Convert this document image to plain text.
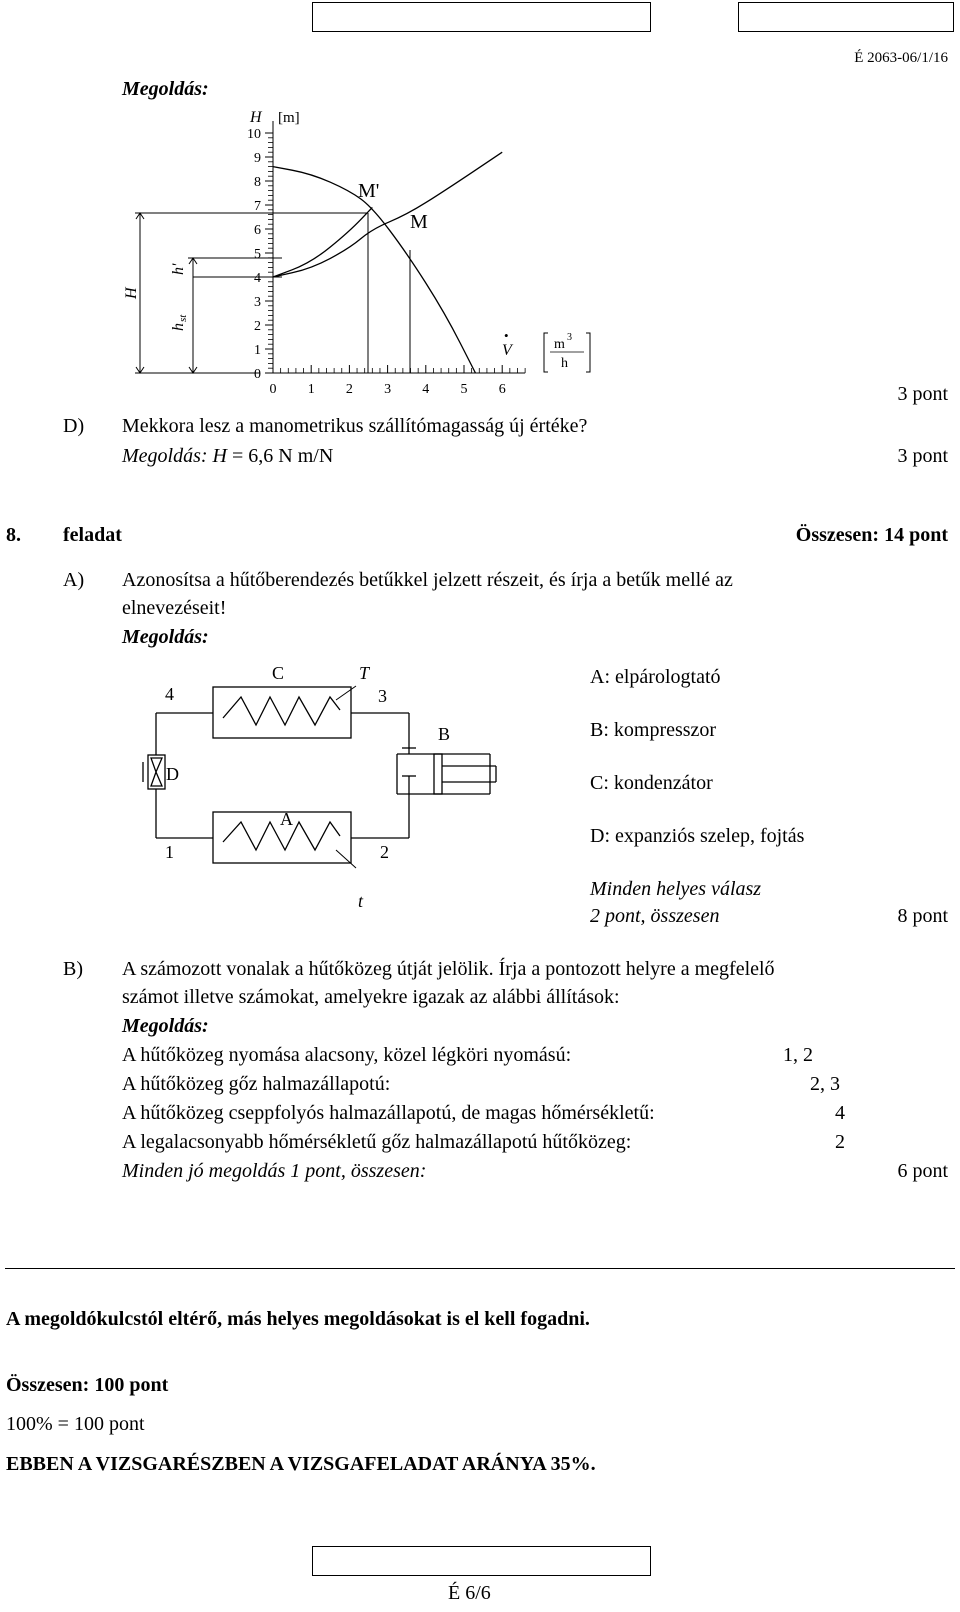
É 2063-06/1/16
Megoldás:
0
1
2
3
4
5
6
7
8
9
10
0 1 2 3 4 5 6
H [m]
M'
M
•
V	m 3
h
H
h'
h
st
3 pont
D) Mekkora lesz a manometrikus szállítómagasság új értéke?
Megoldás: H = 6,6 N m/N	3 pont
8. feladat	Összesen: 14 pont
A) Azonosítsa a hűtőberendezés betűkkel jelzett részeit, és írja a betűk mellé az
elnevezéseit!
Megoldás:
C	T
4	3
B
D
A
1	2
t
A: elpárologtató
B: kompresszor
C: kondenzátor
D: expanziós szelep, fojtás
Minden helyes válasz
2 pont, összesen	8 pont
B) A számozott vonalak a hűtőközeg útját jelölik. Írja a pontozott helyre a megfelelő
számot illetve számokat, amelyekre igazak az alábbi állítások:
Megoldás:
A hűtőközeg nyomása alacsony, közel légköri nyomású:	1, 2
A hűtőközeg gőz halmazállapotú:	2, 3
A hűtőközeg cseppfolyós halmazállapotú, de magas hőmérsékletű:	4
A legalacsonyabb hőmérsékletű gőz halmazállapotú hűtőközeg:	2
Minden jó megoldás 1 pont, összesen:	6 pont
A megoldókulcstól eltérő, más helyes megoldásokat is el kell fogadni.
Összesen: 100 pont
100% = 100 pont
EBBEN A VIZSGARÉSZBEN A VIZSGAFELADAT ARÁNYA 35%.
É 6/6
